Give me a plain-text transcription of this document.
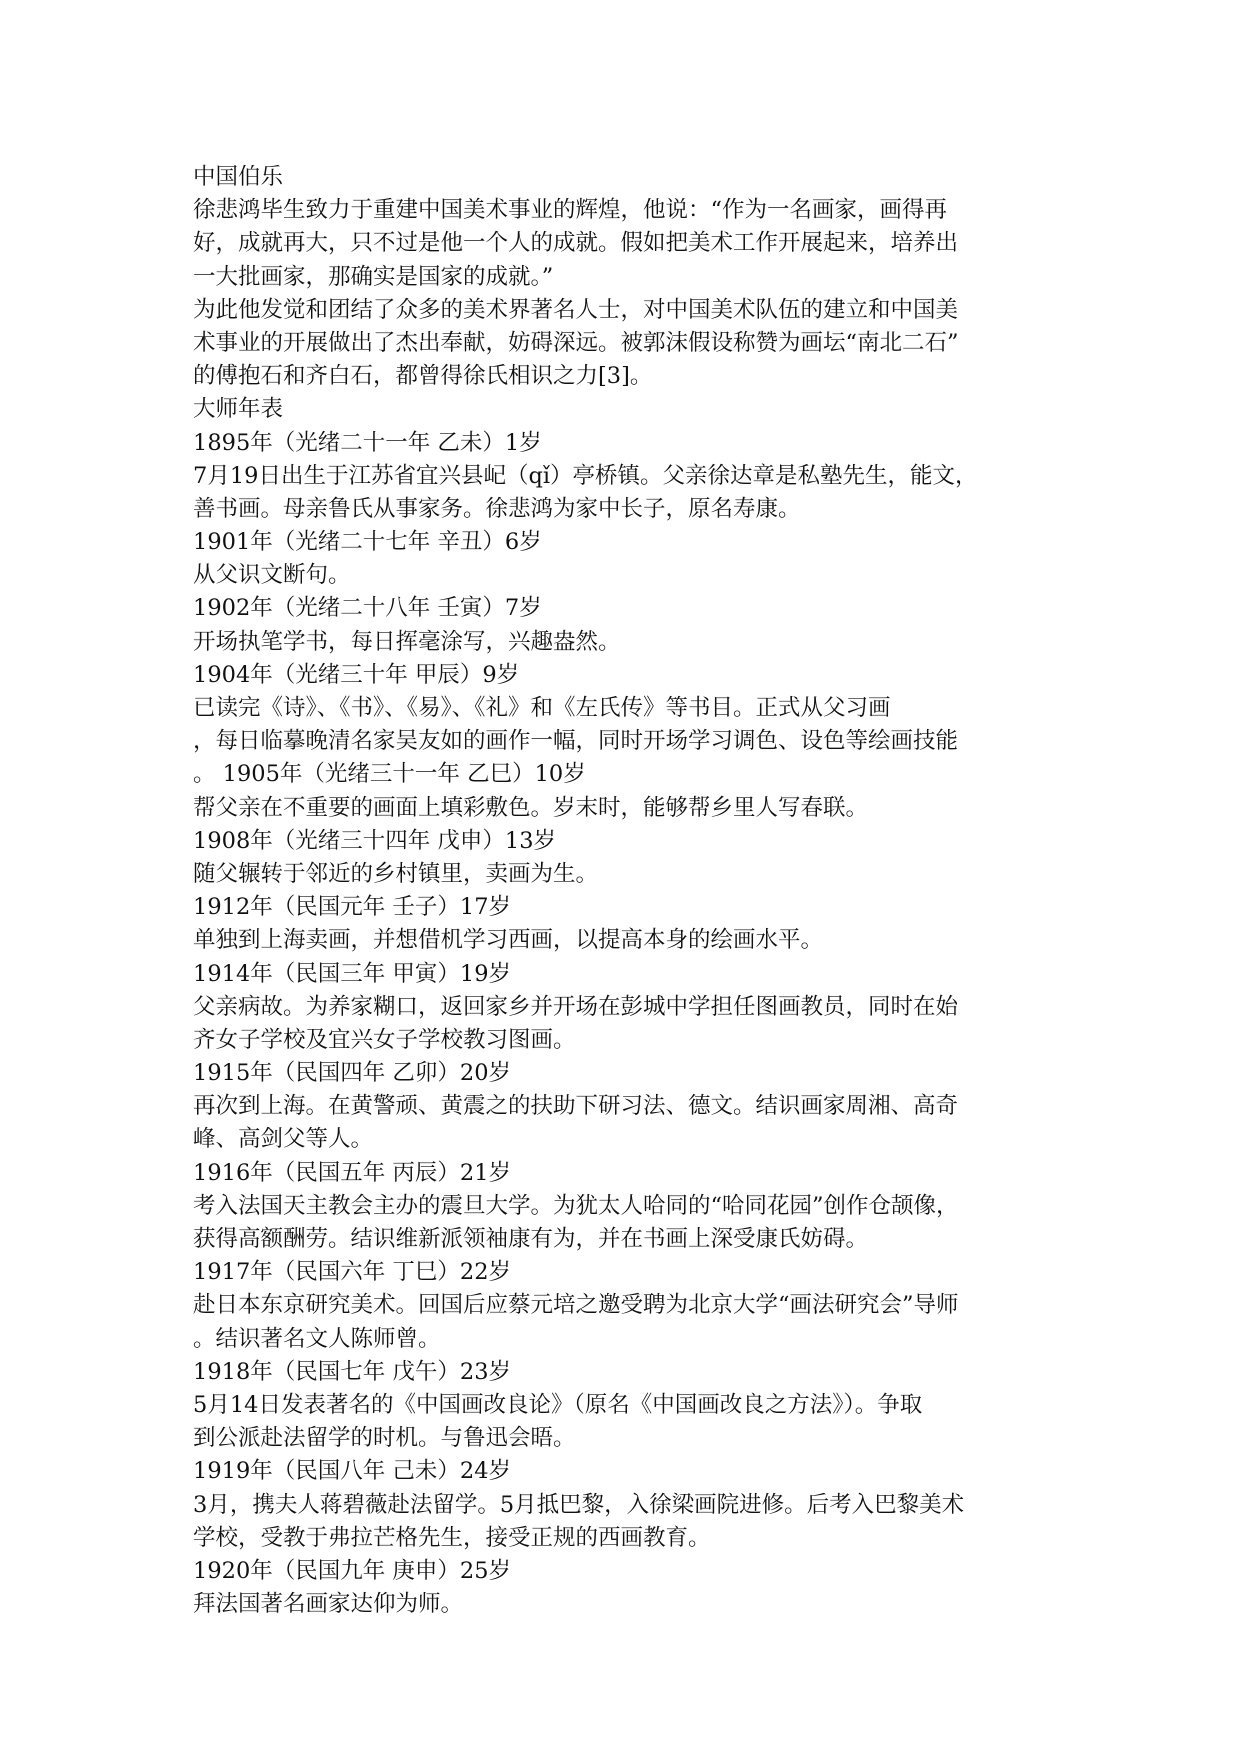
中国伯乐
徐悲鸿毕生致力于重建中国美术事业的辉煌，他说：“作为一名画家，画得再
好，成就再大，只不过是他一个人的成就。假如把美术工作开展起来，培养出
一大批画家，那确实是国家的成就。”
为此他发觉和团结了众多的美术界著名人士，对中国美术队伍的建立和中国美
术事业的开展做出了杰出奉献，妨碍深远。被郭沫假设称赞为画坛“南北二石”
的傅抱石和齐白石，都曾得徐氏相识之力[3]。
大师年表
1895年（光绪二十一年 乙未）1岁
7月19日出生于江苏省宜兴县屺（qǐ）亭桥镇。父亲徐达章是私塾先生，能文，
善书画。母亲鲁氏从事家务。徐悲鸿为家中长子，原名寿康。
1901年（光绪二十七年 辛丑）6岁
从父识文断句。
1902年（光绪二十八年 壬寅）7岁
开场执笔学书，每日挥毫涂写，兴趣盎然。
1904年（光绪三十年 甲辰）9岁
已读完《诗》、《书》、《易》、《礼》和《左氏传》等书目。正式从父习画
，每日临摹晚清名家吴友如的画作一幅，同时开场学习调色、设色等绘画技能
。 1905年（光绪三十一年 乙巳）10岁
帮父亲在不重要的画面上填彩敷色。岁末时，能够帮乡里人写春联。
1908年（光绪三十四年 戊申）13岁
随父辗转于邻近的乡村镇里，卖画为生。
1912年（民国元年 壬子）17岁
单独到上海卖画，并想借机学习西画，以提高本身的绘画水平。
1914年（民国三年 甲寅）19岁
父亲病故。为养家糊口，返回家乡并开场在彭城中学担任图画教员，同时在始
齐女子学校及宜兴女子学校教习图画。
1915年（民国四年 乙卯）20岁
再次到上海。在黄警顽、黄震之的扶助下研习法、德文。结识画家周湘、高奇
峰、高剑父等人。
1916年（民国五年 丙辰）21岁
考入法国天主教会主办的震旦大学。为犹太人哈同的“哈同花园”创作仓颉像，
获得高额酬劳。结识维新派领袖康有为，并在书画上深受康氏妨碍。
1917年（民国六年 丁巳）22岁
赴日本东京研究美术。回国后应蔡元培之邀受聘为北京大学“画法研究会”导师
。结识著名文人陈师曾。
1918年（民国七年 戊午）23岁
5月14日发表著名的《中国画改良论》（原名《中国画改良之方法》）。争取
到公派赴法留学的时机。与鲁迅会晤。
1919年（民国八年 己未）24岁
3月，携夫人蒋碧薇赴法留学。5月抵巴黎，入徐梁画院进修。后考入巴黎美术
学校，受教于弗拉芒格先生，接受正规的西画教育。
1920年（民国九年 庚申）25岁
拜法国著名画家达仰为师。
